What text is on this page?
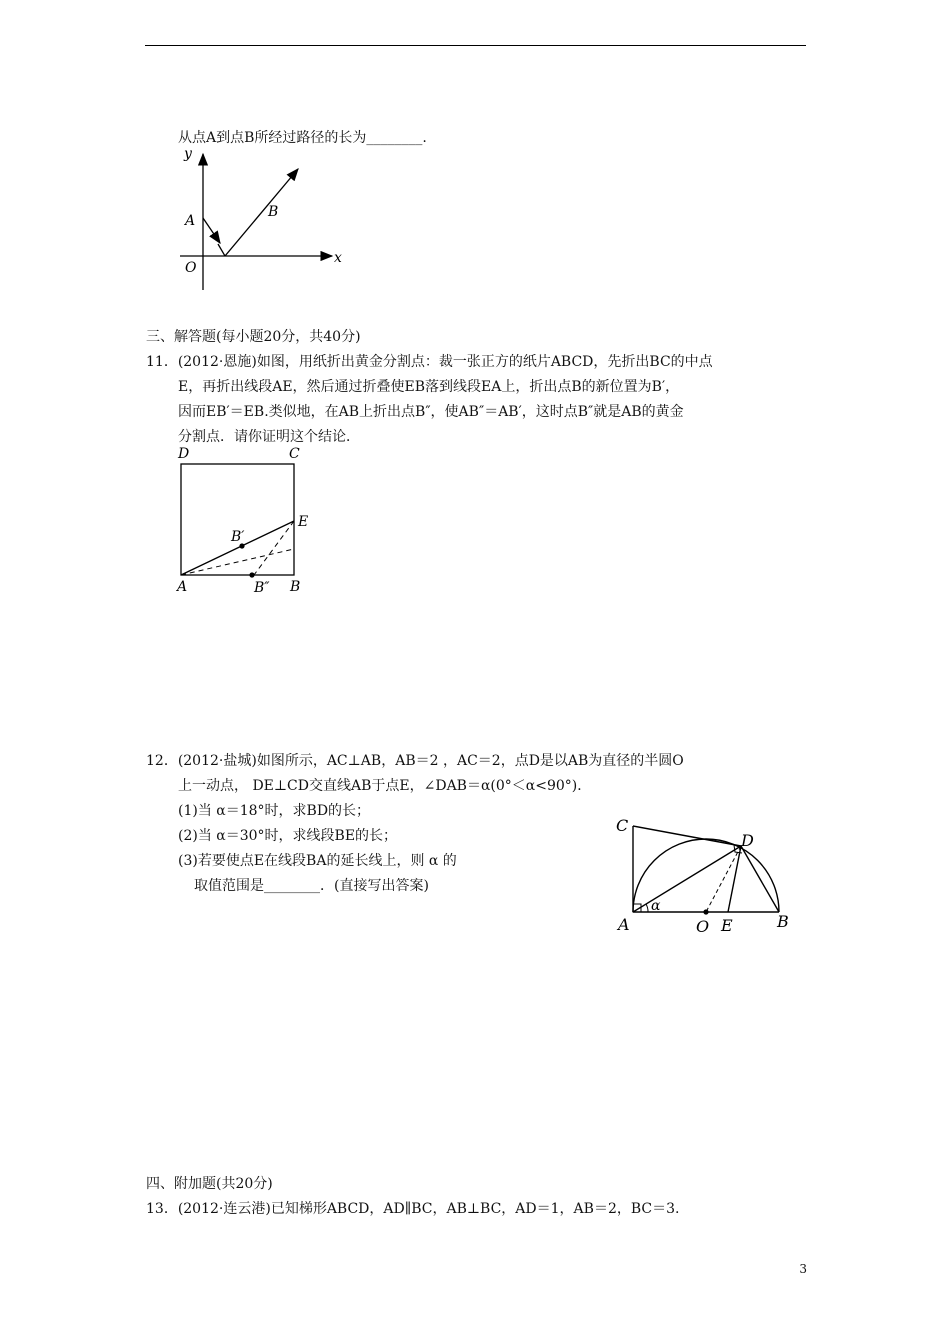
从点A到点B所经过路径的长为________.
y
x
A
B
O
三、解答题(每小题20分，共40分)
11．(2012·恩施)如图，用纸折出黄金分割点：裁一张正方的纸片ABCD，先折出BC的中点
E，再折出线段AE，然后通过折叠使EB落到线段EA上，折出点B的新位置为B′，
因而EB′＝EB.类似地，在AB上折出点B″，使AB″＝AB′，这时点B″就是AB的黄金
分割点．请你证明这个结论．
D	C
E
A	B
B′
B″
12．(2012·盐城)如图所示，AC⊥AB，AB＝2 ，AC＝2，点D是以AB为直径的半圆O
上一动点， DE⊥CD交直线AB于点E，∠DAB＝α(0°＜α<90°)．
(1)当 α＝18°时，求BD的长；
(2)当 α＝30°时，求线段BE的长；
(3)若要使点E在线段BA的延长线上，则 α 的
取值范围是________．(直接写出答案)
C
D
A	O E	B
α
四、附加题(共20分)
13．(2012·连云港)已知梯形ABCD，AD∥BC，AB⊥BC，AD＝1，AB＝2，BC＝3.
3
